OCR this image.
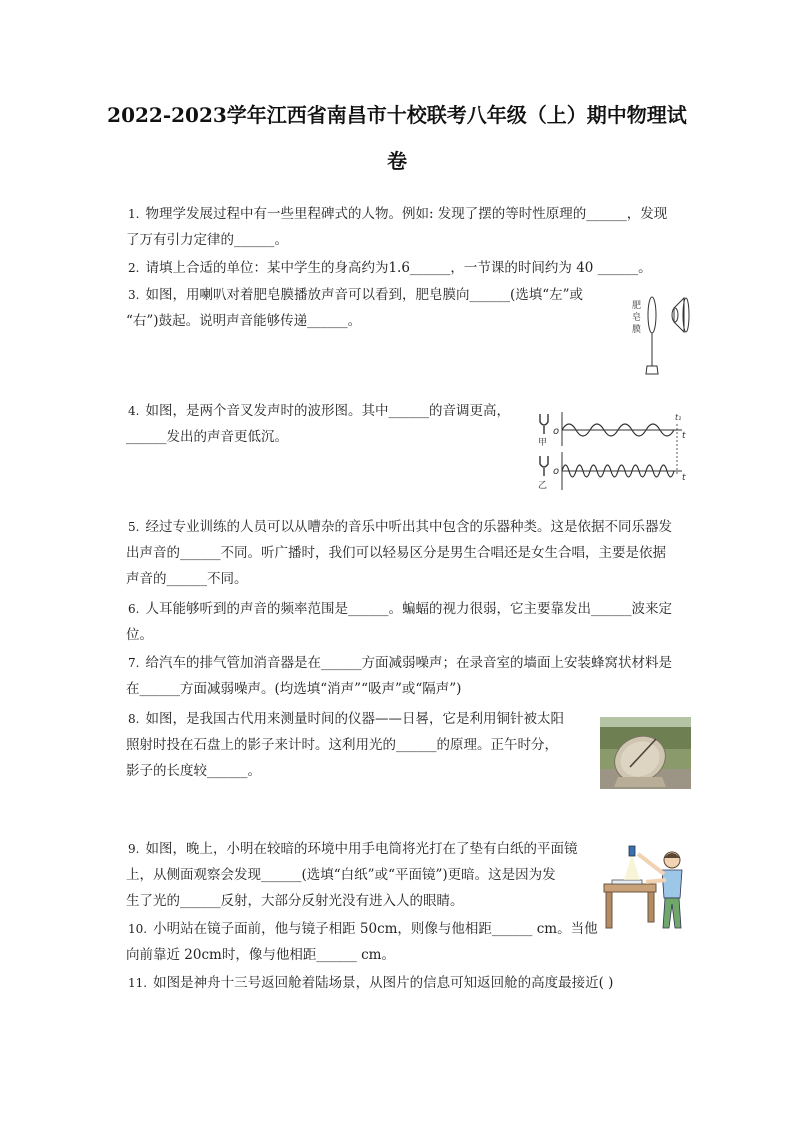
2022-2023学年江西省南昌市十校联考八年级（上）期中物理试
卷
1. 物理学发展过程中有一些里程碑式的人物。例如: 发现了摆的等时性原理的______，发现
了万有引力定律的______。
2. 请填上合适的单位：某中学生的身高约为1.6______，一节课的时间约为 40 ______。
3. 如图，用喇叭对着肥皂膜播放声音可以看到，肥皂膜向______(选填“左”或
“右”)鼓起。说明声音能够传递______。
肥
皂
膜
4. 如图，是两个音叉发声时的波形图。其中______的音调更高，
______发出的声音更低沉。	甲
o
t₁
t
乙
o
t
5. 经过专业训练的人员可以从嘈杂的音乐中听出其中包含的乐器种类。这是依据不同乐器发
出声音的______不同。听广播时，我们可以轻易区分是男生合唱还是女生合唱，主要是依据
声音的______不同。
6. 人耳能够听到的声音的频率范围是______。蝙蝠的视力很弱，它主要靠发出______波来定
位。
7. 给汽车的排气管加消音器是在______方面减弱噪声；在录音室的墙面上安装蜂窝状材料是
在______方面减弱噪声。(均选填“消声”“吸声”或“隔声”)
8. 如图，是我国古代用来测量时间的仪器——日晷，它是利用铜针被太阳
照射时投在石盘上的影子来计时。这利用光的______的原理。正午时分，
影子的长度较______。
9. 如图，晚上，小明在较暗的环境中用手电筒将光打在了垫有白纸的平面镜
上，从侧面观察会发现______(选填“白纸”或“平面镜”)更暗。这是因为发
生了光的______反射，大部分反射光没有进入人的眼睛。
10. 小明站在镜子面前，他与镜子相距 50cm，则像与他相距______ cm。当他
向前靠近 20cm时，像与他相距______ cm。
11. 如图是神舟十三号返回舱着陆场景，从图片的信息可知返回舱的高度最接近( )
